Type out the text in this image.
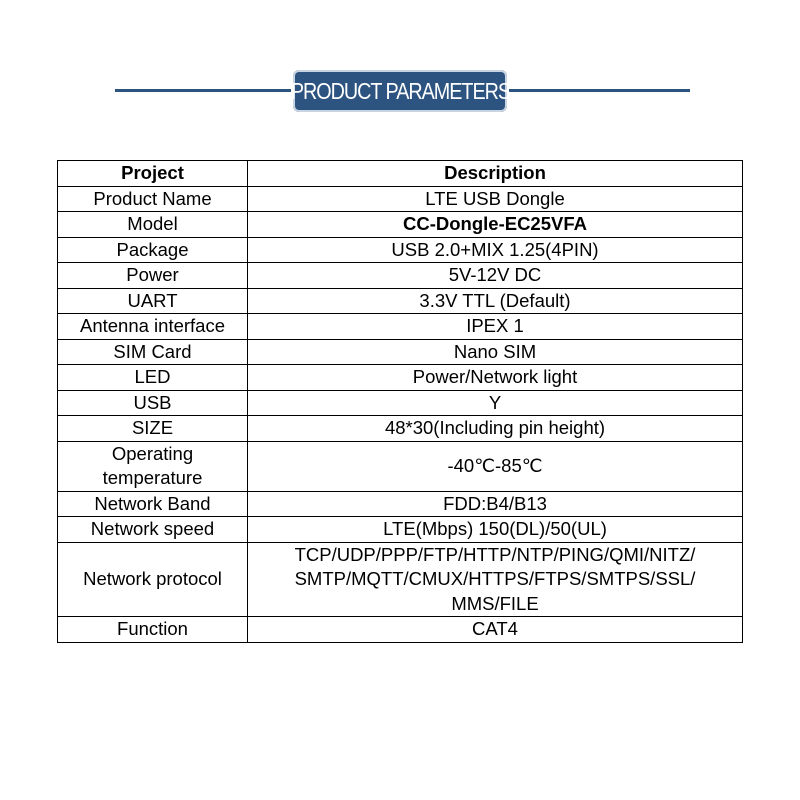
PRODUCT PARAMETERS
Project	Description
Product Name	LTE USB Dongle
Model	CC-Dongle-EC25VFA
Package	USB 2.0+MIX 1.25(4PIN)
Power	5V-12V DC
UART	3.3V TTL (Default)
Antenna interface	IPEX 1
SIM Card	Nano SIM
LED	Power/Network light
USB	Y
SIZE	48*30(Including pin height)
Operating
temperature	-40℃-85℃
Network Band	FDD:B4/B13
Network speed	LTE(Mbps) 150(DL)/50(UL)
Network protocol	TCP/UDP/PPP/FTP/HTTP/NTP/PING/QMI/NITZ/
SMTP/MQTT/CMUX/HTTPS/FTPS/SMTPS/SSL/
MMS/FILE
Function	CAT4
